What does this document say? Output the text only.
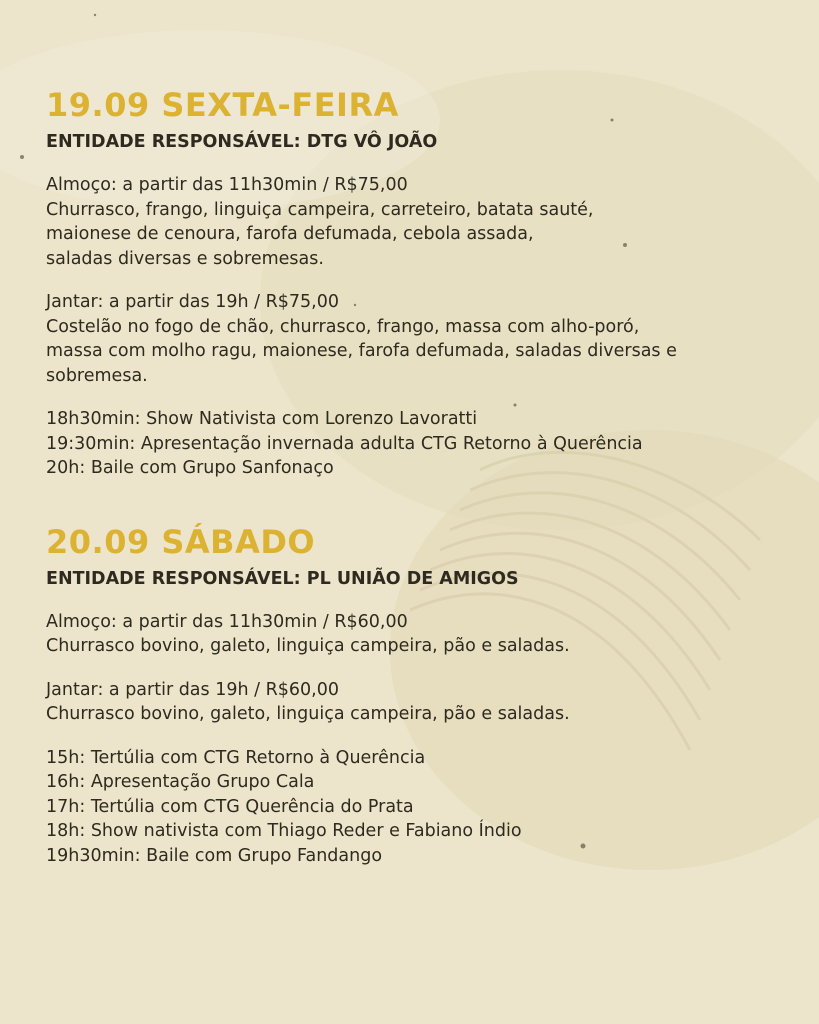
19.09 SEXTA-FEIRA
ENTIDADE RESPONSÁVEL: DTG VÔ JOÃO
Almoço: a partir das 11h30min / R$75,00
Churrasco, frango, linguiça campeira, carreteiro, batata sauté,
maionese de cenoura, farofa defumada, cebola assada,
saladas diversas e sobremesas.
Jantar: a partir das 19h / R$75,00
Costelão no fogo de chão, churrasco, frango, massa com alho-poró,
massa com molho ragu, maionese, farofa defumada, saladas diversas e
sobremesa.
18h30min: Show Nativista com Lorenzo Lavoratti
19:30min: Apresentação invernada adulta CTG Retorno à Querência
20h: Baile com Grupo Sanfonaço
20.09 SÁBADO
ENTIDADE RESPONSÁVEL: PL UNIÃO DE AMIGOS
Almoço: a partir das 11h30min / R$60,00
Churrasco bovino, galeto, linguiça campeira, pão e saladas.
Jantar: a partir das 19h / R$60,00
Churrasco bovino, galeto, linguiça campeira, pão e saladas.
15h: Tertúlia com CTG Retorno à Querência
16h: Apresentação Grupo Cala
17h: Tertúlia com CTG Querência do Prata
18h: Show nativista com Thiago Reder e Fabiano Índio
19h30min: Baile com Grupo Fandango
